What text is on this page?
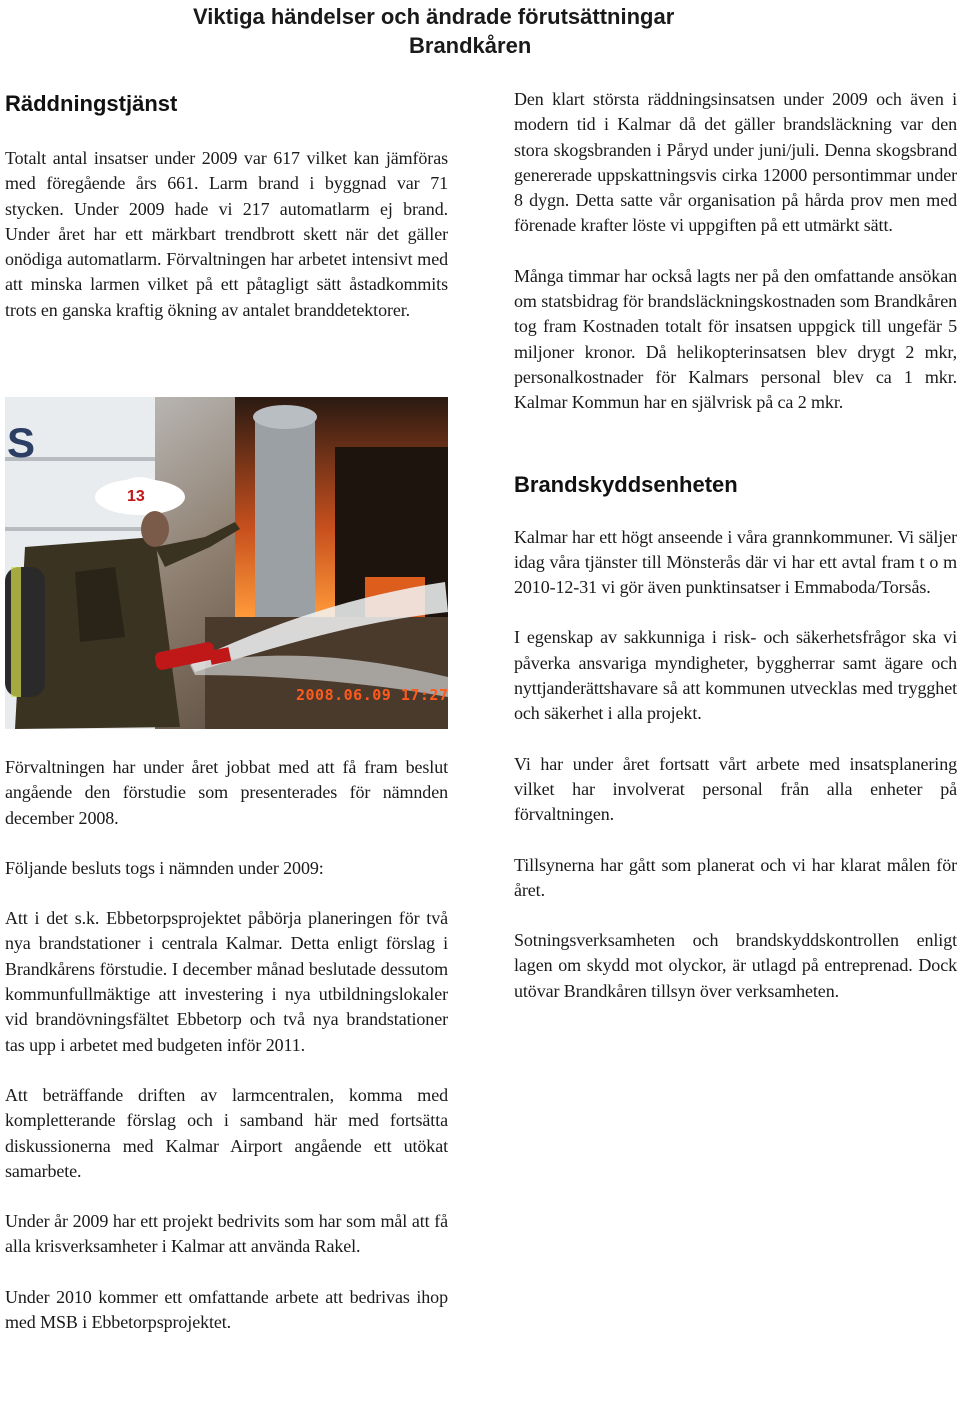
Viktiga händelser och ändrade förutsättningar
Brandkåren
Räddningstjänst

Totalt antal insatser under 2009 var 617 vilket kan jämföras med föregående års 661. Larm brand i byggnad var 71 stycken. Under 2009 hade vi 217 automatlarm ej brand. Under året har ett märkbart trendbrott skett när det gäller onödiga automatlarm. Förvaltningen har arbetet intensivt med att minska larmen vilket på ett påtagligt sätt åstadkommits trots en ganska kraftig ökning av antalet branddetektorer.

S
13
2008.06.09 17:27

Förvaltningen har under året jobbat med att få fram beslut angående den förstudie som presenterades för nämnden december 2008.

Följande besluts togs i nämnden under 2009:

Att i det s.k. Ebbetorpsprojektet påbörja planeringen för två nya brandstationer i centrala Kalmar. Detta enligt förslag i Brandkårens förstudie. I december månad beslutade dessutom kommunfullmäktige att investering i nya utbildningslokaler vid brandövningsfältet Ebbetorp och två nya brandstationer tas upp i arbetet med budgeten inför 2011.

Att beträffande driften av larmcentralen, komma med kompletterande förslag och i samband här med fortsätta diskussionerna med Kalmar Airport angående ett utökat samarbete.

Under år 2009 har ett projekt bedrivits som har som mål att få alla krisverksamheter i Kalmar att använda Rakel.

Under 2010 kommer ett omfattande arbete att bedrivas ihop med MSB i Ebbetorpsprojektet.

Den klart största räddningsinsatsen under 2009 och även i modern tid i Kalmar då det gäller brandsläckning var den stora skogsbranden i Påryd under juni/juli. Denna skogsbrand genererade uppskattningsvis cirka 12000 persontimmar under 8 dygn. Detta satte vår organisation på hårda prov men med förenade krafter löste vi uppgiften på ett utmärkt sätt.

Många timmar har också lagts ner på den omfattande ansökan om statsbidrag för brandsläckningskostnaden som Brandkåren tog fram Kostnaden totalt för insatsen uppgick till ungefär 5 miljoner kronor. Då helikopterinsatsen blev drygt 2 mkr, personalkostnader för Kalmars personal blev ca 1 mkr. Kalmar Kommun har en självrisk på ca 2 mkr.

Brandskyddsenheten

Kalmar har ett högt anseende i våra grannkommuner. Vi säljer idag våra tjänster till Mönsterås där vi har ett avtal fram t o m 2010-12-31 vi gör även punktinsatser i Emmaboda/Torsås.

I egenskap av sakkunniga i risk- och säkerhetsfrågor ska vi påverka ansvariga myndigheter, byggherrar samt ägare och nyttjanderättshavare så att kommunen utvecklas med trygghet och säkerhet i alla projekt.

Vi har under året fortsatt vårt arbete med insatsplanering vilket har involverat personal från alla enheter på förvaltningen.

Tillsynerna har gått som planerat och vi har klarat målen för året.

Sotningsverksamheten och brandskyddskontrollen enligt lagen om skydd mot olyckor, är utlagd på entreprenad. Dock utövar Brandkåren tillsyn över verksamheten.
